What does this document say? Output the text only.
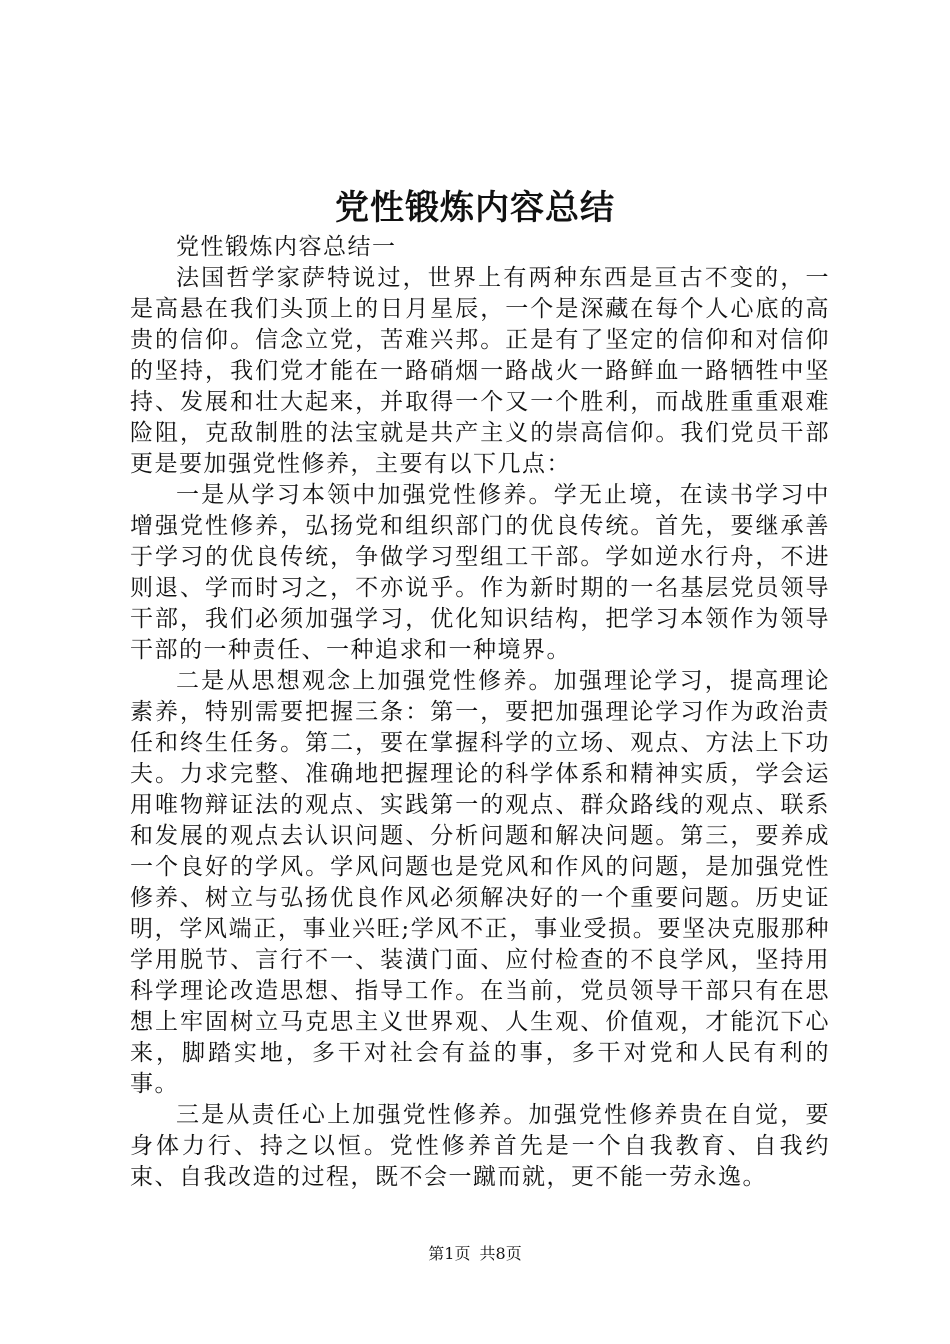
党性锻炼内容总结

党性锻炼内容总结一

法国哲学家萨特说过，世界上有两种东西是亘古不变的，一是高悬在我们头顶上的日月星辰，一个是深藏在每个人心底的高贵的信仰。信念立党，苦难兴邦。正是有了坚定的信仰和对信仰的坚持，我们党才能在一路硝烟一路战火一路鲜血一路牺牲中坚持、发展和壮大起来，并取得一个又一个胜利，而战胜重重艰难险阻，克敌制胜的法宝就是共产主义的崇高信仰。我们党员干部更是要加强党性修养，主要有以下几点：

一是从学习本领中加强党性修养。学无止境，在读书学习中增强党性修养，弘扬党和组织部门的优良传统。首先，要继承善于学习的优良传统，争做学习型组工干部。学如逆水行舟，不进则退、学而时习之，不亦说乎。作为新时期的一名基层党员领导干部，我们必须加强学习，优化知识结构，把学习本领作为领导干部的一种责任、一种追求和一种境界。

二是从思想观念上加强党性修养。加强理论学习，提高理论素养，特别需要把握三条：第一，要把加强理论学习作为政治责任和终生任务。第二，要在掌握科学的立场、观点、方法上下功夫。力求完整、准确地把握理论的科学体系和精神实质，学会运用唯物辩证法的观点、实践第一的观点、群众路线的观点、联系和发展的观点去认识问题、分析问题和解决问题。第三，要养成一个良好的学风。学风问题也是党风和作风的问题，是加强党性修养、树立与弘扬优良作风必须解决好的一个重要问题。历史证明，学风端正，事业兴旺;学风不正，事业受损。要坚决克服那种学用脱节、言行不一、装潢门面、应付检查的不良学风，坚持用科学理论改造思想、指导工作。在当前，党员领导干部只有在思想上牢固树立马克思主义世界观、人生观、价值观，才能沉下心来，脚踏实地，多干对社会有益的事，多干对党和人民有利的事。

三是从责任心上加强党性修养。加强党性修养贵在自觉，要身体力行、持之以恒。党性修养首先是一个自我教育、自我约束、自我改造的过程，既不会一蹴而就，更不能一劳永逸。

第1页 共8页
